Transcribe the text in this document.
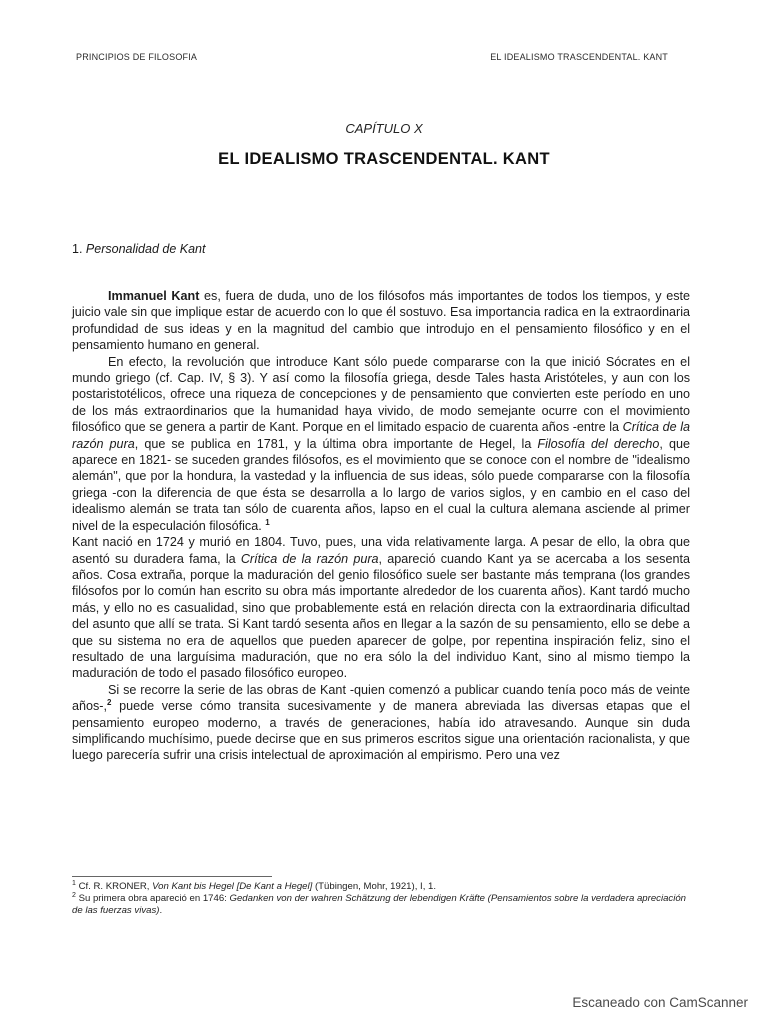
PRINCIPIOS DE FILOSOFIA	EL IDEALISMO TRASCENDENTAL. KANT
CAPÍTULO X
EL IDEALISMO TRASCENDENTAL. KANT
1. Personalidad de Kant

Immanuel Kant es, fuera de duda, uno de los filósofos más importantes de todos los tiempos, y este juicio vale sin que implique estar de acuerdo con lo que él sostuvo. Esa importancia radica en la extraordinaria profundidad de sus ideas y en la magnitud del cambio que introdujo en el pensamiento filosófico y en el pensamiento humano en general.

En efecto, la revolución que introduce Kant sólo puede compararse con la que inició Sócrates en el mundo griego (cf. Cap. IV, § 3). Y así como la filosofía griega, desde Tales hasta Aristóteles, y aun con los postaristotélicos, ofrece una riqueza de concepciones y de pensamiento que convierten este período en uno de los más extraordinarios que la humanidad haya vivido, de modo semejante ocurre con el movimiento filosófico que se genera a partir de Kant. Porque en el limitado espacio de cuarenta años -entre la Crítica de la razón pura, que se publica en 1781, y la última obra importante de Hegel, la Filosofía del derecho, que aparece en 1821- se suceden grandes filósofos, es el movimiento que se conoce con el nombre de "idealismo alemán", que por la hondura, la vastedad y la influencia de sus ideas, sólo puede compararse con la filosofía griega -con la diferencia de que ésta se desarrolla a lo largo de varios siglos, y en cambio en el caso del idealismo alemán se trata tan sólo de cuarenta años, lapso en el cual la cultura alemana asciende al primer nivel de la especulación filosófica. $^1$

Kant nació en 1724 y murió en 1804. Tuvo, pues, una vida relativamente larga. A pesar de ello, la obra que asentó su duradera fama, la Crítica de la razón pura, apareció cuando Kant ya se acercaba a los sesenta años. Cosa extraña, porque la maduración del genio filosófico suele ser bastante más temprana (los grandes filósofos por lo común han escrito su obra más importante alrededor de los cuarenta años). Kant tardó mucho más, y ello no es casualidad, sino que probablemente está en relación directa con la extraordinaria dificultad del asunto que allí se trata. Si Kant tardó sesenta años en llegar a la sazón de su pensamiento, ello se debe a que su sistema no era de aquellos que pueden aparecer de golpe, por repentina inspiración feliz, sino el resultado de una larguísima maduración, que no era sólo la del individuo Kant, sino al mismo tiempo la maduración de todo el pasado filosófico europeo.

Si se recorre la serie de las obras de Kant -quien comenzó a publicar cuando tenía poco más de veinte años-,$^2$ puede verse cómo transita sucesivamente y de manera abreviada las diversas etapas que el pensamiento europeo moderno, a través de generaciones, había ido atravesando. Aunque sin duda simplificando muchísimo, puede decirse que en sus primeros escritos sigue una orientación racionalista, y que luego parecería sufrir una crisis intelectual de aproximación al empirismo. Pero una vez

$^1$ Cf. R. KRONER, Von Kant bis Hegel [De Kant a Hegel] (Tübingen, Mohr, 1921), I, 1.

$^2$ Su primera obra apareció en 1746: Gedanken von der wahren Schätzung der lebendigen Kräfte (Pensamientos sobre la verdadera apreciación de las fuerzas vivas).

Escaneado con CamScanner
